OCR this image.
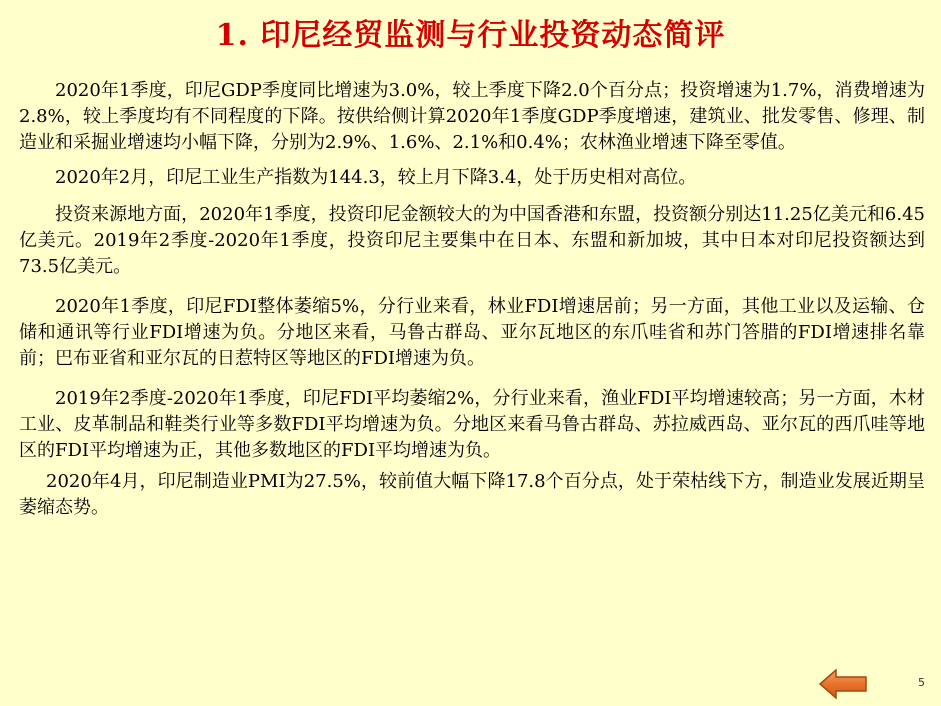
1. 印尼经贸监测与行业投资动态简评

2020年1季度，印尼GDP季度同比增速为3.0%，较上季度下降2.0个百分点；投资增速为1.7%，消费增速为2.8%，较上季度均有不同程度的下降。按供给侧计算2020年1季度GDP季度增速，建筑业、批发零售、修理、制造业和采掘业增速均小幅下降，分别为2.9%、1.6%、2.1%和0.4%；农林渔业增速下降至零值。

2020年2月，印尼工业生产指数为144.3，较上月下降3.4，处于历史相对高位。

投资来源地方面，2020年1季度，投资印尼金额较大的为中国香港和东盟，投资额分别达11.25亿美元和6.45亿美元。2019年2季度-2020年1季度，投资印尼主要集中在日本、东盟和新加坡，其中日本对印尼投资额达到73.5亿美元。

2020年1季度，印尼FDI整体萎缩5%，分行业来看，林业FDI增速居前；另一方面，其他工业以及运输、仓储和通讯等行业FDI增速为负。分地区来看，马鲁古群岛、亚尔瓦地区的东爪哇省和苏门答腊的FDI增速排名靠前；巴布亚省和亚尔瓦的日惹特区等地区的FDI增速为负。

2019年2季度-2020年1季度，印尼FDI平均萎缩2%，分行业来看，渔业FDI平均增速较高；另一方面，木材工业、皮革制品和鞋类行业等多数FDI平均增速为负。分地区来看马鲁古群岛、苏拉威西岛、亚尔瓦的西爪哇等地区的FDI平均增速为正，其他多数地区的FDI平均增速为负。

2020年4月，印尼制造业PMI为27.5%，较前值大幅下降17.8个百分点，处于荣枯线下方，制造业发展近期呈萎缩态势。

5
